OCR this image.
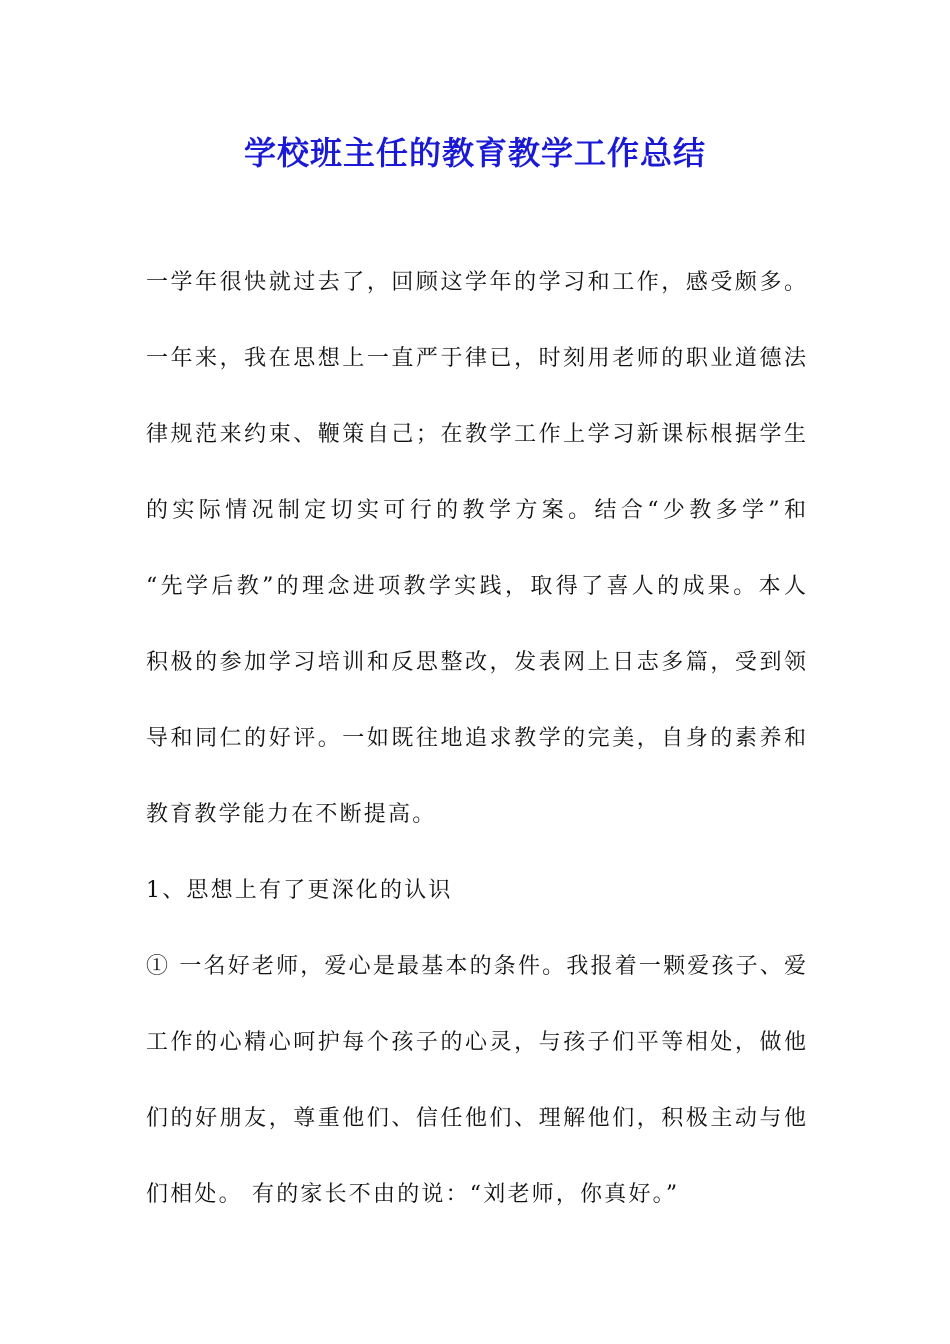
学校班主任的教育教学工作总结
一学年很快就过去了，回顾这学年的学习和工作，感受颇多。
一年来，我在思想上一直严于律已，时刻用老师的职业道德法
律规范来约束、鞭策自己；在教学工作上学习新课标根据学生
的实际情况制定切实可行的教学方案。结合“少教多学”和
“先学后教”的理念进项教学实践，取得了喜人的成果。本人
积极的参加学习培训和反思整改，发表网上日志多篇，受到领
导和同仁的好评。一如既往地追求教学的完美，自身的素养和
教育教学能力在不断提高。
1、思想上有了更深化的认识
① 一名好老师，爱心是最基本的条件。我报着一颗爱孩子、爱
工作的心精心呵护每个孩子的心灵，与孩子们平等相处，做他
们的好朋友，尊重他们、信任他们、理解他们，积极主动与他
们相处。 有的家长不由的说：“刘老师，你真好。”
